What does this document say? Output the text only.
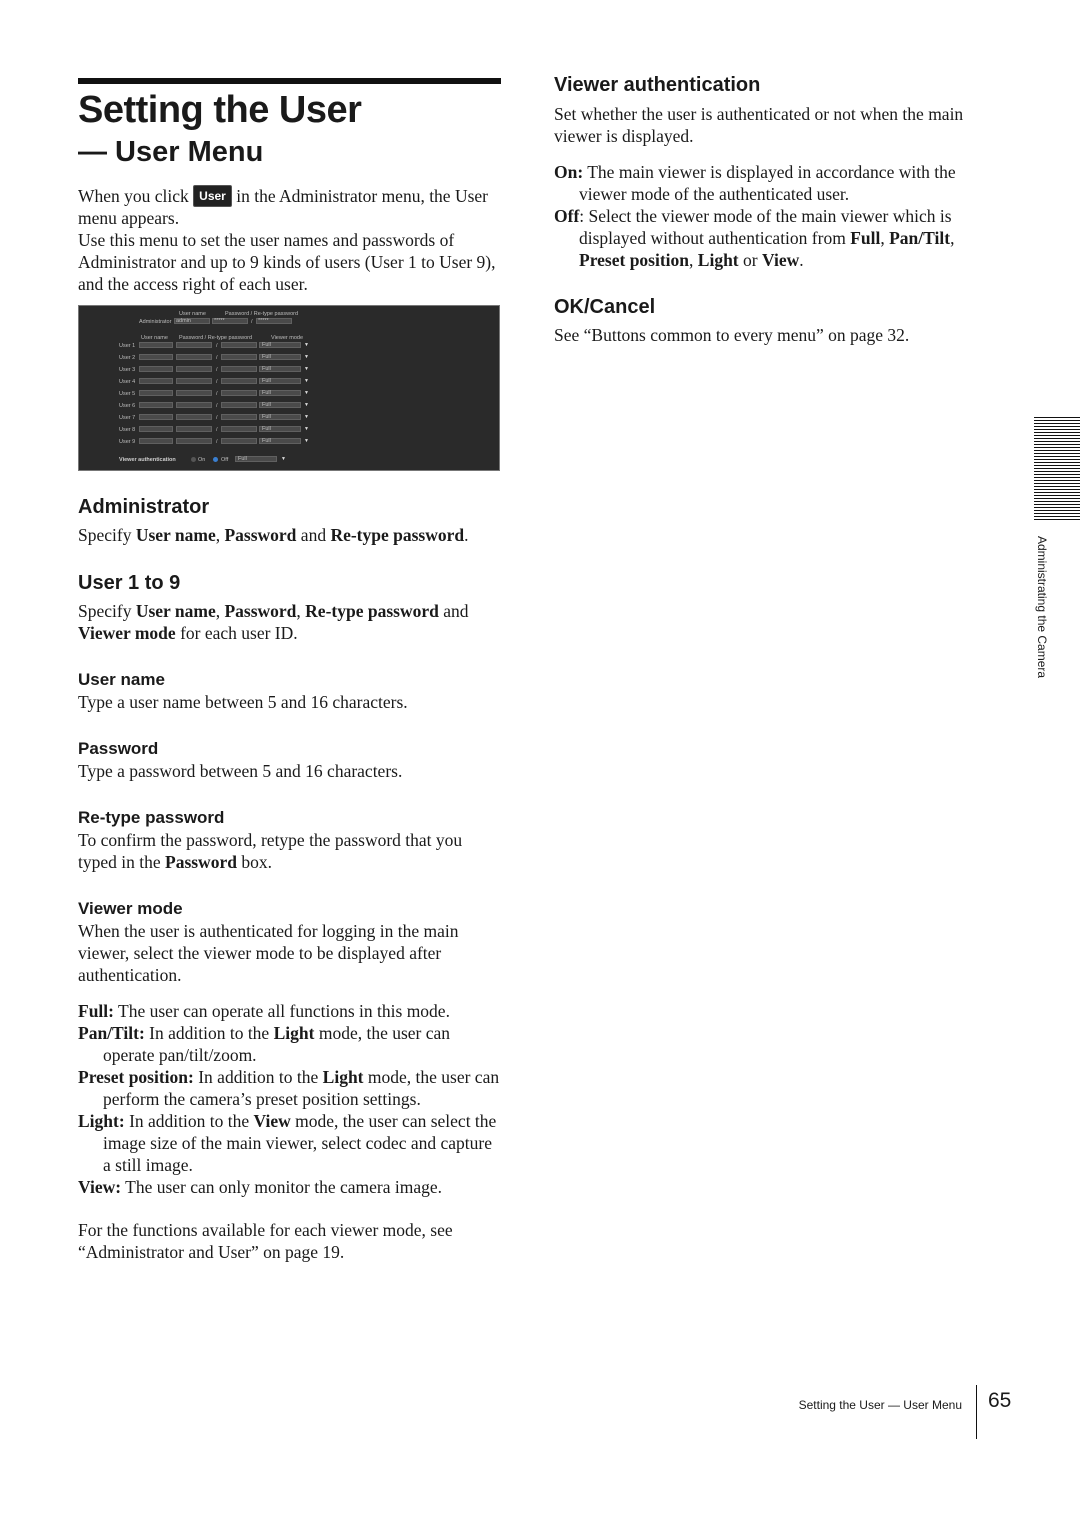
Setting the User
— User Menu

When you click User in the Administrator menu, the User menu appears.

Use this menu to set the user names and passwords of Administrator and up to 9 kinds of users (User 1 to User 9), and the access right of each user.

User name	Password / Re-type password
Administrator admin	*****	/ *****
User name Password / Re-type password	Viewer mode
User 1	/	Full	▼
User 2	/	Full	▼
User 3	/	Full	▼
User 4	/	Full	▼
User 5	/	Full	▼
User 6	/	Full	▼
User 7	/	Full	▼
User 8	/	Full	▼
User 9	/	Full	▼
Viewer authentication	On	Off Full	▼
Administrator

Specify User name, Password and Re-type password.

User 1 to 9

Specify User name, Password, Re-type password and Viewer mode for each user ID.

User name

Type a user name between 5 and 16 characters.

Password

Type a password between 5 and 16 characters.

Re-type password

To confirm the password, retype the password that you typed in the Password box.

Viewer mode

When the user is authenticated for logging in the main viewer, select the viewer mode to be displayed after authentication.

Full: The user can operate all functions in this mode.

Pan/Tilt: In addition to the Light mode, the user can operate pan/tilt/zoom.

Preset position: In addition to the Light mode, the user can perform the camera’s preset position settings.

Light: In addition to the View mode, the user can select the image size of the main viewer, select codec and capture a still image.

View: The user can only monitor the camera image.

For the functions available for each viewer mode, see “Administrator and User” on page 19.

Viewer authentication

Set whether the user is authenticated or not when the main viewer is displayed.

On: The main viewer is displayed in accordance with the viewer mode of the authenticated user.

Off: Select the viewer mode of the main viewer which is displayed without authentication from Full, Pan/Tilt, Preset position, Light or View.

OK/Cancel

See “Buttons common to every menu” on page 32.

Administrating the Camera
Setting the User — User Menu 65
